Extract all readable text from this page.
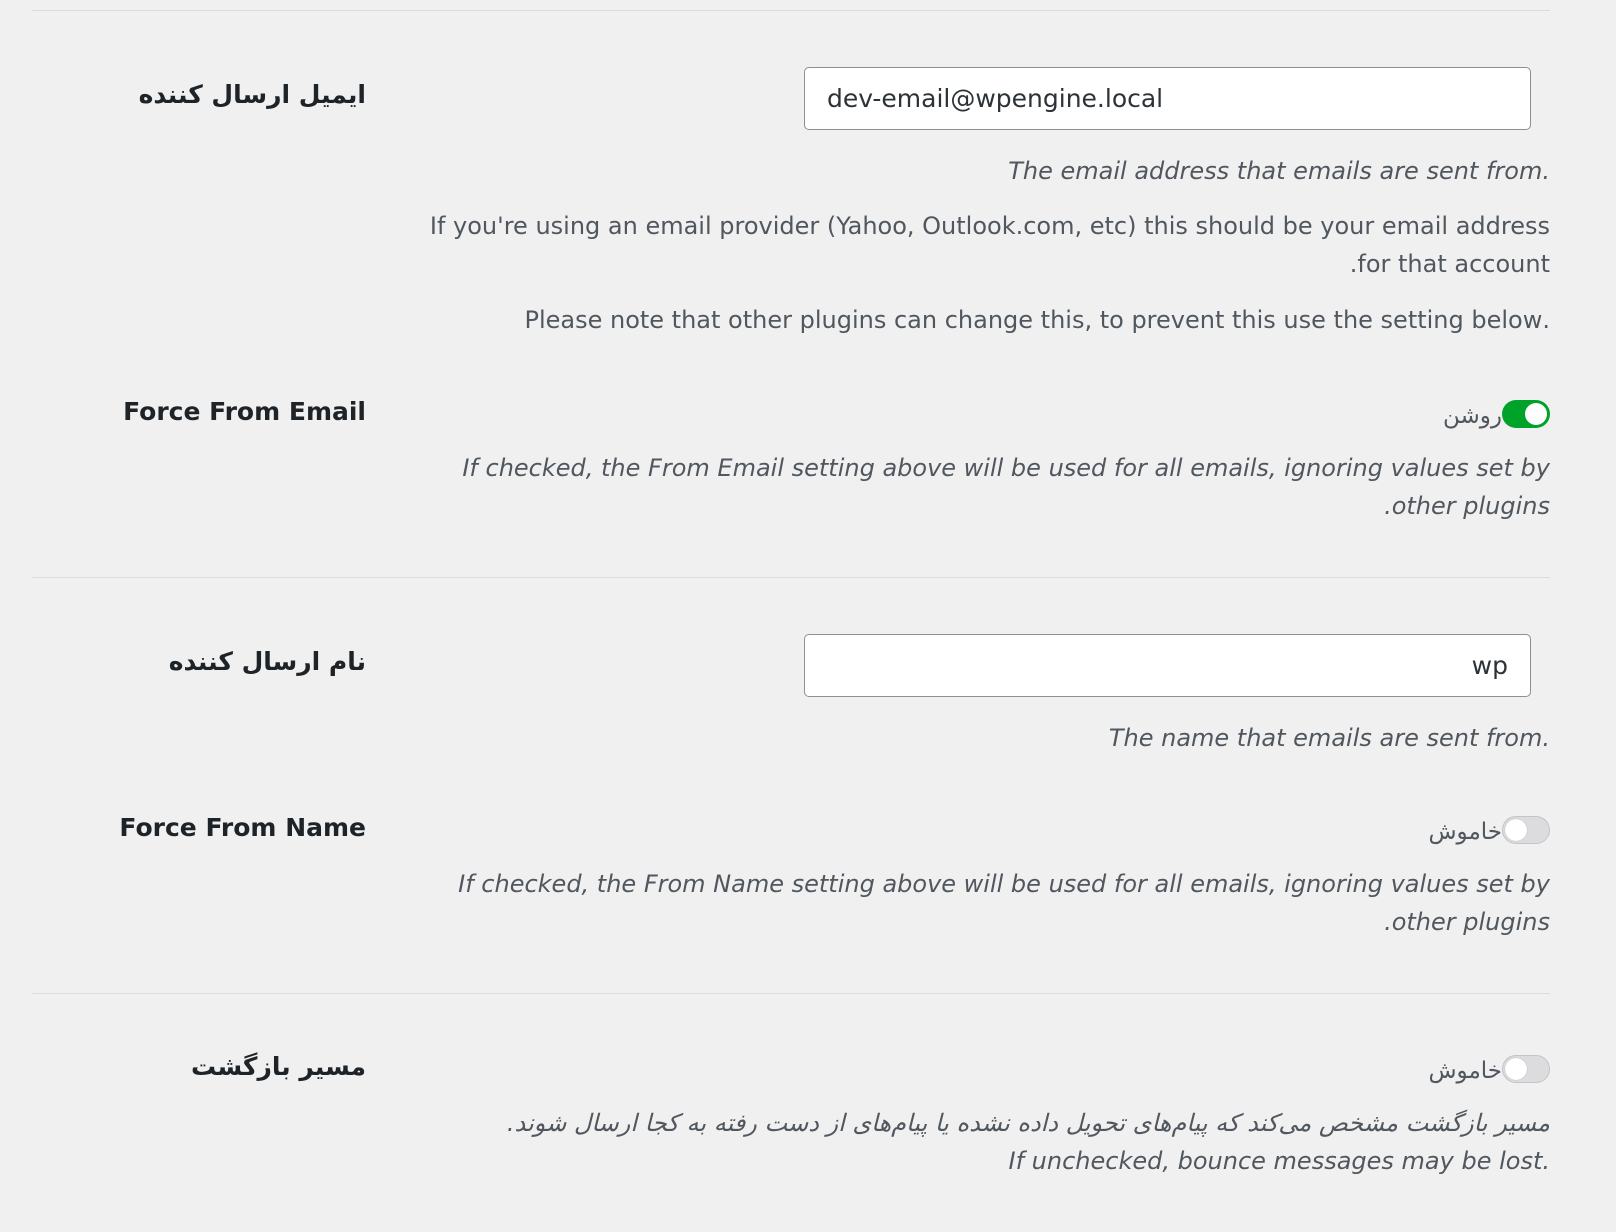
ایمیل ارسال کننده
dev-email@wpengine.local
.The email address that emails are sent from
If you're using an email provider (Yahoo, Outlook.com, etc) this should be your email address for that account.
.Please note that other plugins can change this, to prevent this use the setting below
Force From Email	روشن
If checked, the From Email setting above will be used for all emails, ignoring values set by other plugins.
نام ارسال کننده
wp
.The name that emails are sent from
Force From Name	خاموش
If checked, the From Name setting above will be used for all emails, ignoring values set by other plugins.
مسیر بازگشت	خاموش
مسیر بازگشت مشخص می‌کند که پیام‌های تحویل داده نشده یا پیام‌های از دست رفته به کجا ارسال شوند.
.If unchecked, bounce messages may be lost
